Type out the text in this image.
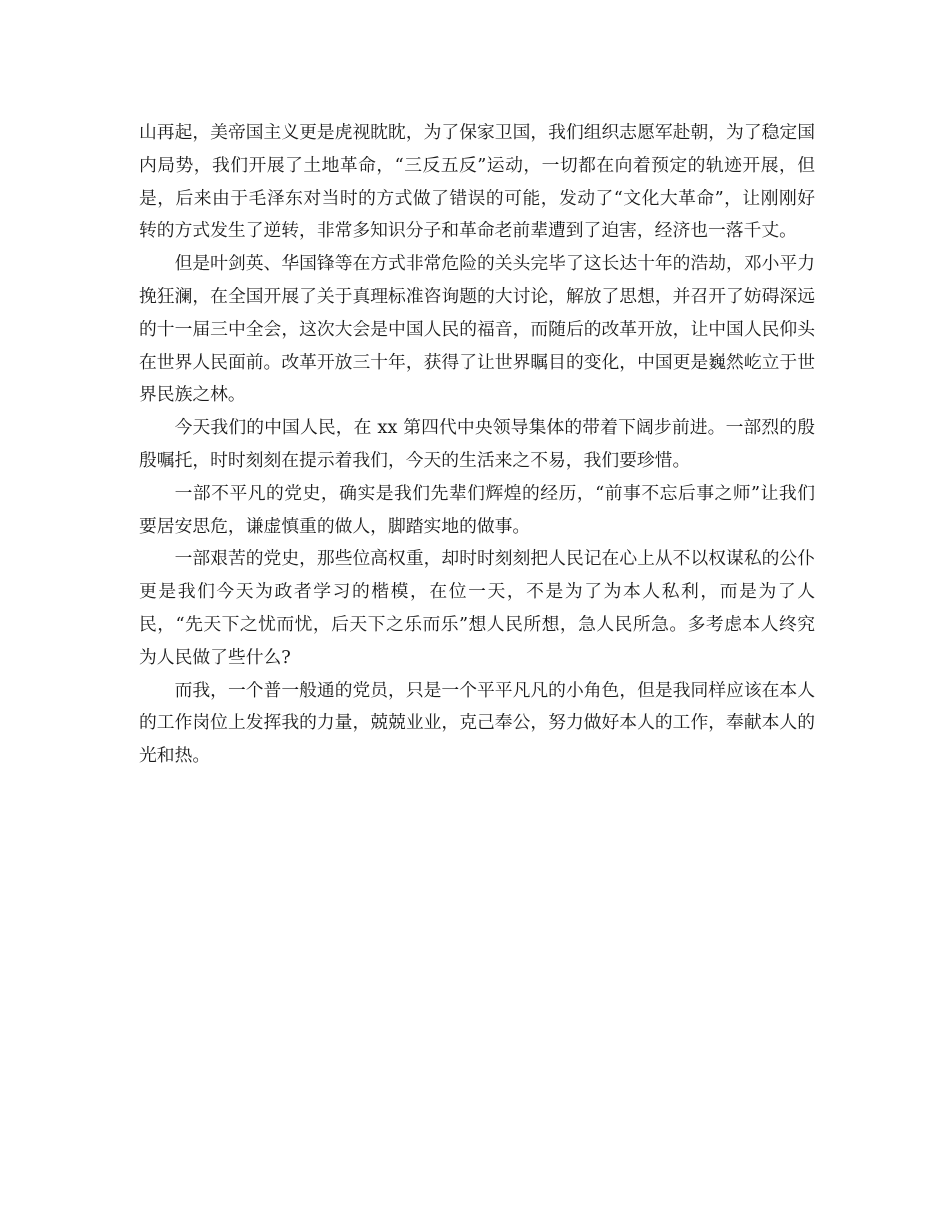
山再起，美帝国主义更是虎视眈眈，为了保家卫国，我们组织志愿军赴朝，为了稳定国内局势，我们开展了土地革命，“三反五反”运动，一切都在向着预定的轨迹开展，但是，后来由于毛泽东对当时的方式做了错误的可能，发动了“文化大革命”，让刚刚好转的方式发生了逆转，非常多知识分子和革命老前辈遭到了迫害，经济也一落千丈。

但是叶剑英、华国锋等在方式非常危险的关头完毕了这长达十年的浩劫，邓小平力挽狂澜，在全国开展了关于真理标准咨询题的大讨论，解放了思想，并召开了妨碍深远的十一届三中全会，这次大会是中国人民的福音，而随后的改革开放，让中国人民仰头在世界人民面前。改革开放三十年，获得了让世界瞩目的变化，中国更是巍然屹立于世界民族之林。

今天我们的中国人民，在 xx 第四代中央领导集体的带着下阔步前进。一部烈的殷殷嘱托，时时刻刻在提示着我们，今天的生活来之不易，我们要珍惜。

一部不平凡的党史，确实是我们先辈们辉煌的经历，“前事不忘后事之师”让我们要居安思危，谦虚慎重的做人，脚踏实地的做事。

一部艰苦的党史，那些位高权重，却时时刻刻把人民记在心上从不以权谋私的公仆更是我们今天为政者学习的楷模，在位一天，不是为了为本人私利，而是为了人民，“先天下之忧而忧，后天下之乐而乐”想人民所想，急人民所急。多考虑本人终究为人民做了些什么?

而我，一个普一般通的党员，只是一个平平凡凡的小角色，但是我同样应该在本人的工作岗位上发挥我的力量，兢兢业业，克己奉公，努力做好本人的工作，奉献本人的光和热。
